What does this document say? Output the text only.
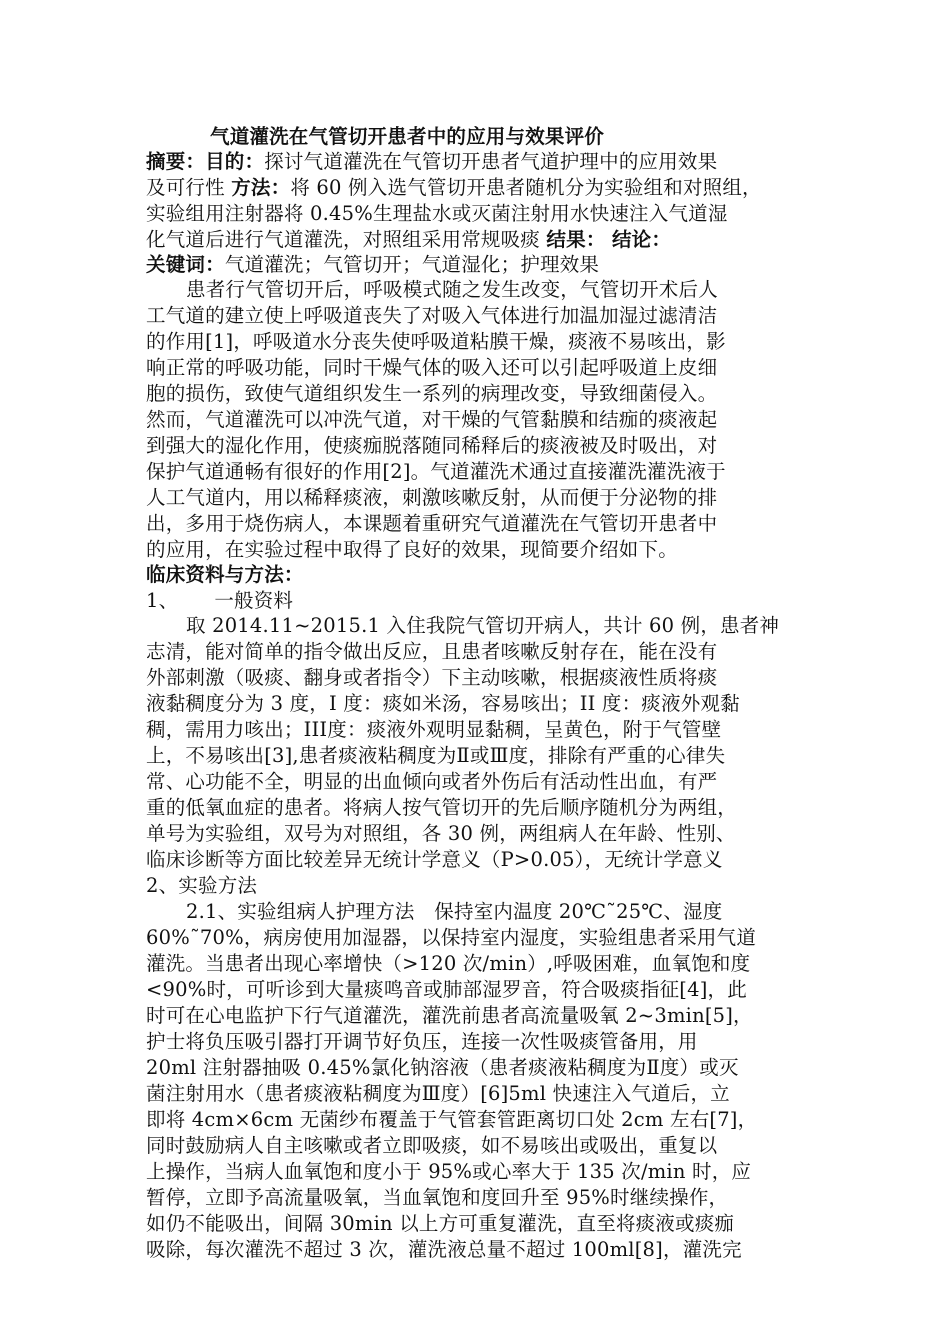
气道灌洗在气管切开患者中的应用与效果评价
摘要：目的：探讨气道灌洗在气管切开患者气道护理中的应用效果
及可行性 方法：将 60 例入选气管切开患者随机分为实验组和对照组，
实验组用注射器将 0.45%生理盐水或灭菌注射用水快速注入气道湿
化气道后进行气道灌洗，对照组采用常规吸痰 结果： 结论：
关键词：气道灌洗；气管切开；气道湿化；护理效果
患者行气管切开后，呼吸模式随之发生改变，气管切开术后人
工气道的建立使上呼吸道丧失了对吸入气体进行加温加湿过滤清洁
的作用[1]，呼吸道水分丧失使呼吸道粘膜干燥，痰液不易咳出，影
响正常的呼吸功能，同时干燥气体的吸入还可以引起呼吸道上皮细
胞的损伤，致使气道组织发生一系列的病理改变，导致细菌侵入。
然而，气道灌洗可以冲洗气道，对干燥的气管黏膜和结痂的痰液起
到强大的湿化作用，使痰痂脱落随同稀释后的痰液被及时吸出，对
保护气道通畅有很好的作用[2]。气道灌洗术通过直接灌洗灌洗液于
人工气道内，用以稀释痰液，刺激咳嗽反射，从而便于分泌物的排
出，多用于烧伤病人，本课题着重研究气道灌洗在气管切开患者中
的应用，在实验过程中取得了良好的效果，现简要介绍如下。
临床资料与方法：
1、 一般资料
取 2014.11~2015.1 入住我院气管切开病人，共计 60 例，患者神
志清，能对简单的指令做出反应，且患者咳嗽反射存在，能在没有
外部刺激（吸痰、翻身或者指令）下主动咳嗽，根据痰液性质将痰
液黏稠度分为 3 度，I 度：痰如米汤，容易咳出；II 度：痰液外观黏
稠，需用力咳出；III度：痰液外观明显黏稠，呈黄色，附于气管壁
上，不易咳出[3],患者痰液粘稠度为Ⅱ或Ⅲ度，排除有严重的心律失
常、心功能不全，明显的出血倾向或者外伤后有活动性出血，有严
重的低氧血症的患者。将病人按气管切开的先后顺序随机分为两组，
单号为实验组，双号为对照组，各 30 例，两组病人在年龄、性别、
临床诊断等方面比较差异无统计学意义（P>0.05），无统计学意义
2、实验方法
2.1、实验组病人护理方法　保持室内温度 20℃˜25℃、湿度
60%˜70%，病房使用加湿器，以保持室内湿度，实验组患者采用气道
灌洗。当患者出现心率增快（>120 次/min）,呼吸困难，血氧饱和度
<90%时，可听诊到大量痰鸣音或肺部湿罗音，符合吸痰指征[4]，此
时可在心电监护下行气道灌洗，灌洗前患者高流量吸氧 2~3min[5]，
护士将负压吸引器打开调节好负压，连接一次性吸痰管备用，用
20ml 注射器抽吸 0.45%氯化钠溶液（患者痰液粘稠度为Ⅱ度）或灭
菌注射用水（患者痰液粘稠度为Ⅲ度）[6]5ml 快速注入气道后，立
即将 4cm×6cm 无菌纱布覆盖于气管套管距离切口处 2cm 左右[7]，
同时鼓励病人自主咳嗽或者立即吸痰，如不易咳出或吸出，重复以
上操作，当病人血氧饱和度小于 95%或心率大于 135 次/min 时，应
暂停，立即予高流量吸氧，当血氧饱和度回升至 95%时继续操作，
如仍不能吸出，间隔 30min 以上方可重复灌洗，直至将痰液或痰痂
吸除，每次灌洗不超过 3 次，灌洗液总量不超过 100ml[8]，灌洗完
